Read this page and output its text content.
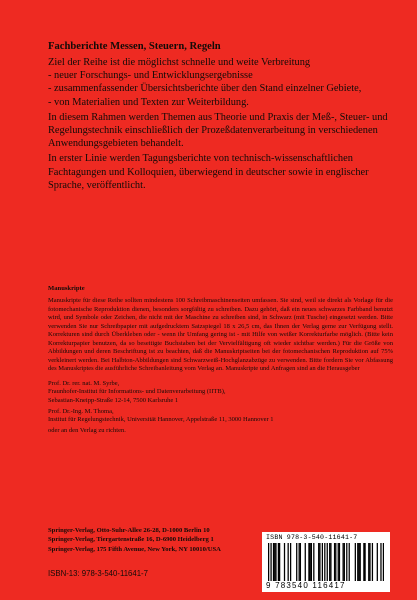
Fachberichte Messen, Steuern, Regeln

Ziel der Reihe ist die möglichst schnelle und weite Verbreitung

- neuer Forschungs- und Entwicklungsergebnisse
- zusammenfassender Übersichtsberichte über den Stand einzelner Gebiete,
- von Materialien und Texten zur Weiterbildung.

In diesem Rahmen werden Themen aus Theorie und Praxis der Meß-, Steuer- und Regelungstechnik einschließlich der Prozeßdatenverarbeitung in verschiedenen Anwendungsgebieten behandelt.

In erster Linie werden Tagungsberichte von technisch-wissenschaftlichen Fachtagungen und Kolloquien, überwiegend in deutscher sowie in englischer Sprache, veröffentlicht.

Manuskripte

Manuskripte für diese Reihe sollten mindestens 100 Schreibmaschinenseiten umfassen. Sie sind, weil sie direkt als Vorlage für die fotomechanische Reproduktion dienen, besonders sorgfältig zu schreiben. Dazu gehört, daß ein neues schwarzes Farbband benutzt wird, und Symbole oder Zeichen, die nicht mit der Maschine zu schreiben sind, in Schwarz (mit Tusche) eingesetzt werden. Bitte verwenden Sie nur Schreibpapier mit aufgedrucktem Satzspiegel 18 x 26,5 cm, das Ihnen der Verlag gerne zur Verfügung stellt. Korrekturen sind durch Überkleben oder - wenn ihr Umfang gering ist - mit Hilfe von weißer Korrekturfarbe möglich. (Bitte kein Korrekturpapier benutzen, da so beseitigte Buchstaben bei der Vervielfältigung oft wieder sichtbar werden.) Für die Größe von Abbildungen und deren Beschriftung ist zu beachten, daß die Manuskriptseiten bei der fotomechanischen Reproduktion auf 75% verkleinert werden. Bei Halbton-Abbildungen sind Schwarzweiß-Hochglanzabzüge zu verwenden. Bitte fordern Sie vor Abfassung des Manuskriptes die ausführliche Schreibanleitung vom Verlag an. Manuskripte und Anfragen sind an die Herausgeber

Prof. Dr. rer. nat. M. Syrbe,

Fraunhofer-Institut für Informations- und Datenverarbeitung (IITB),

Sebastian-Kneipp-Straße 12-14, 7500 Karlsruhe 1

Prof. Dr.-Ing. M. Thoma,

Institut für Regelungstechnik, Universität Hannover, Appelstraße 11, 3000 Hannover 1

oder an den Verlag zu richten.

Springer-Verlag, Otto-Suhr-Allee 26-28, D-1000 Berlin 10

Springer-Verlag, Tiergartenstraße 16, D-6900 Heidelberg 1

Springer-Verlag, 175 Fifth Avenue, New York, NY 10010/USA

ISBN-13: 978-3-540-11641-7
ISBN 978-3-540-11641-7
9 783540 116417
